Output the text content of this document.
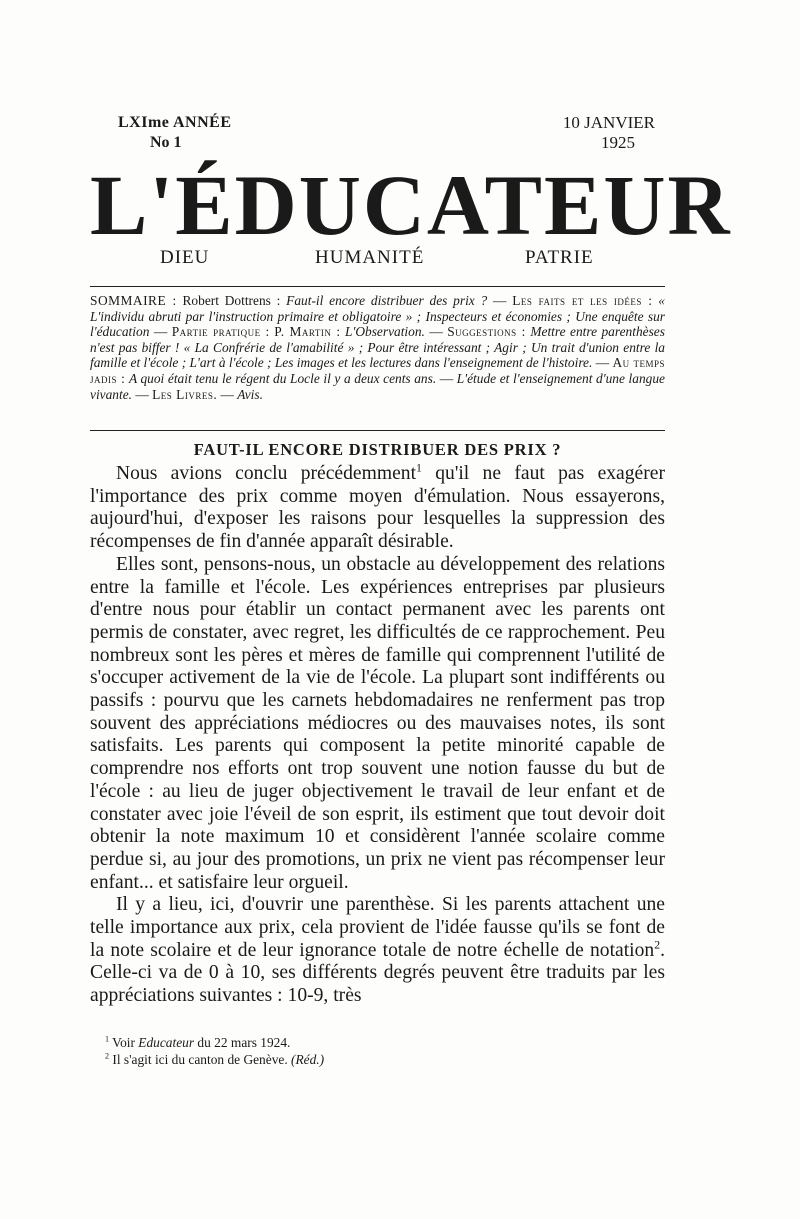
LXIme ANNÉE
No 1
10 JANVIER
1925
L'ÉDUCATEUR
DIEU	HUMANITÉ	PATRIE
SOMMAIRE : Robert Dottrens : Faut-il encore distribuer des prix ? — Les faits et les idées : « L'individu abruti par l'instruction primaire et obligatoire » ; Inspecteurs et économies ; Une enquête sur l'éducation — Partie pratique : P. Martin : L'Observation. — Suggestions : Mettre entre parenthèses n'est pas biffer ! « La Confrérie de l'amabilité » ; Pour être intéressant ; Agir ; Un trait d'union entre la famille et l'école ; L'art à l'école ; Les images et les lectures dans l'enseignement de l'histoire. — Au temps jadis : A quoi était tenu le régent du Locle il y a deux cents ans. — L'étude et l'enseignement d'une langue vivante. — Les Livres. — Avis.
FAUT-IL ENCORE DISTRIBUER DES PRIX ?

Nous avions conclu précédemment$^1$ qu'il ne faut pas exagérer l'importance des prix comme moyen d'émulation. Nous essayerons, aujourd'hui, d'exposer les raisons pour lesquelles la suppression des récompenses de fin d'année apparaît désirable.

Elles sont, pensons-nous, un obstacle au développement des relations entre la famille et l'école. Les expériences entreprises par plusieurs d'entre nous pour établir un contact permanent avec les parents ont permis de constater, avec regret, les difficultés de ce rapprochement. Peu nombreux sont les pères et mères de famille qui comprennent l'utilité de s'occuper activement de la vie de l'école. La plupart sont indifférents ou passifs : pourvu que les carnets hebdomadaires ne renferment pas trop souvent des appréciations médiocres ou des mauvaises notes, ils sont satisfaits. Les parents qui composent la petite minorité capable de comprendre nos efforts ont trop souvent une notion fausse du but de l'école : au lieu de juger objectivement le travail de leur enfant et de constater avec joie l'éveil de son esprit, ils estiment que tout devoir doit obtenir la note maximum 10 et considèrent l'année scolaire comme perdue si, au jour des promotions, un prix ne vient pas récompenser leur enfant... et satisfaire leur orgueil.

Il y a lieu, ici, d'ouvrir une parenthèse. Si les parents attachent une telle importance aux prix, cela provient de l'idée fausse qu'ils se font de la note scolaire et de leur ignorance totale de notre échelle de notation$^2$. Celle-ci va de 0 à 10, ses différents degrés peuvent être traduits par les appréciations suivantes : 10-9, très

$^1$ Voir Educateur du 22 mars 1924.
$^2$ Il s'agit ici du canton de Genève. (Réd.)
